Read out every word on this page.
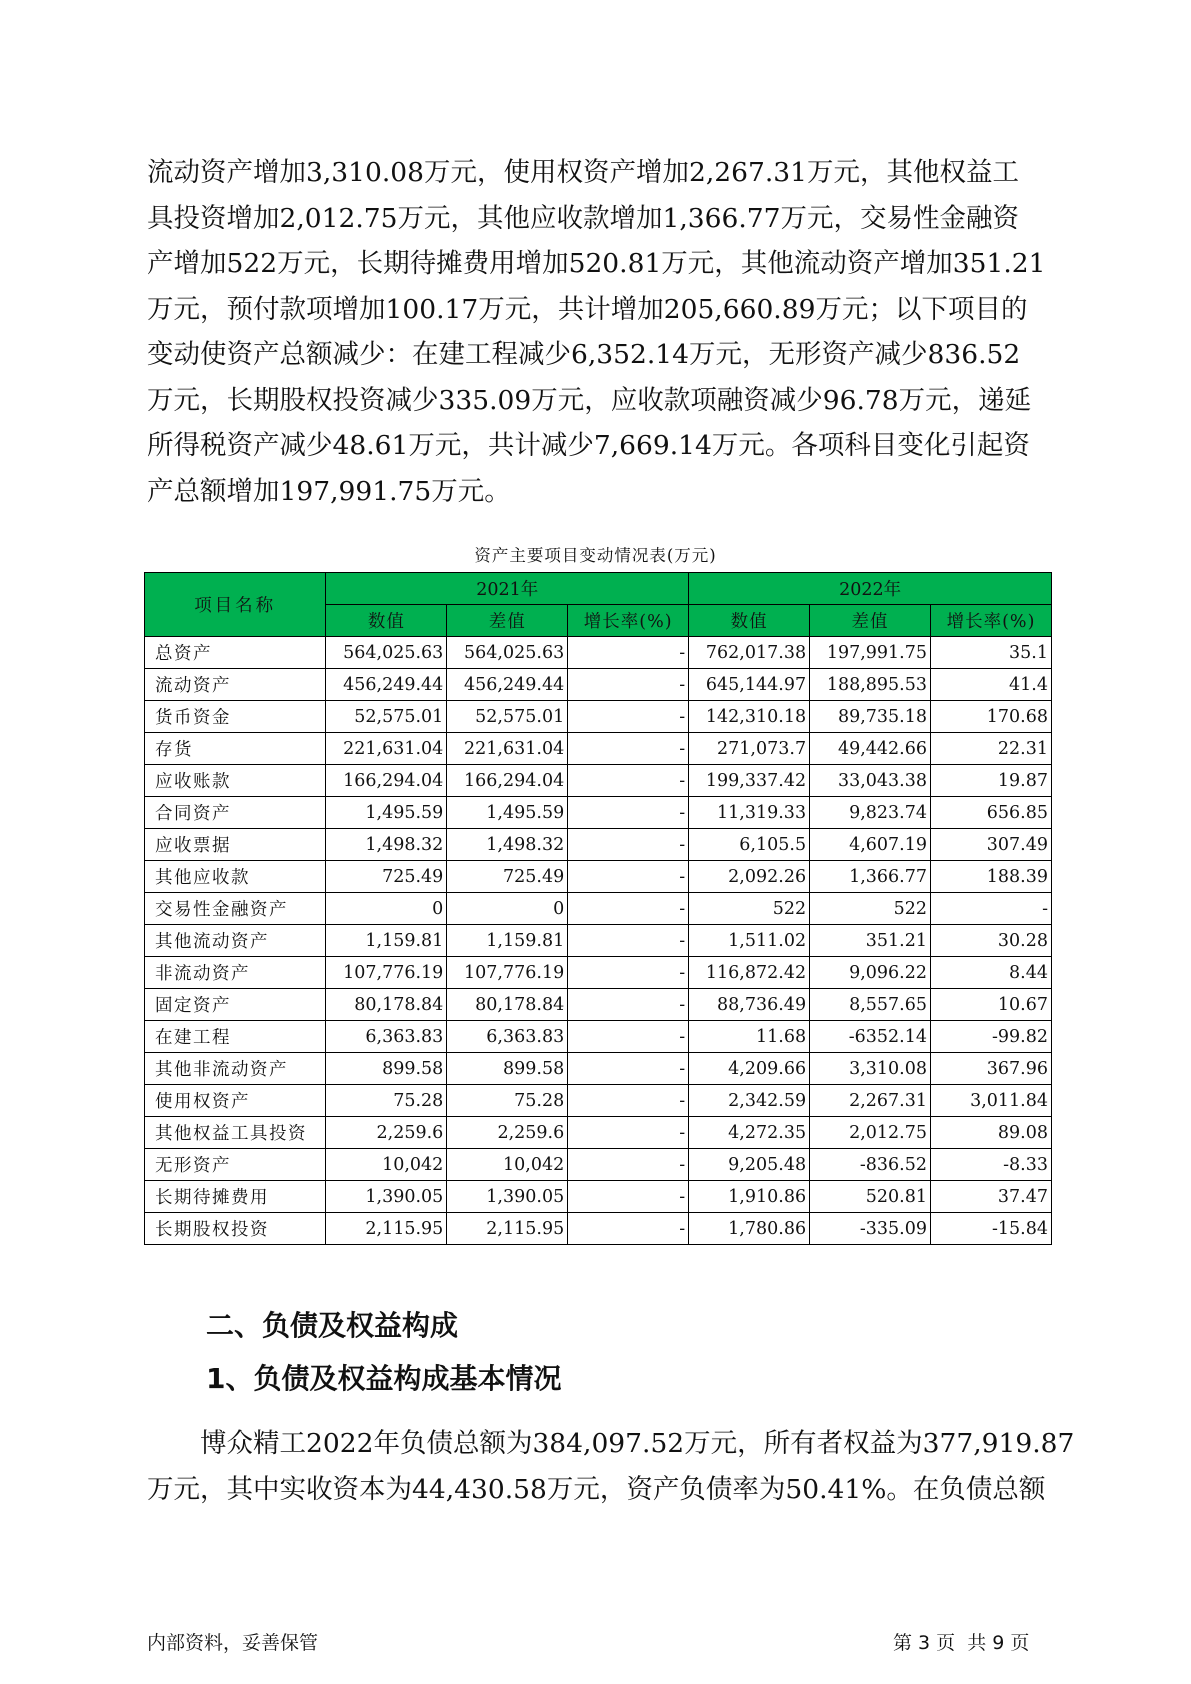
流动资产增加3,310.08万元，使用权资产增加2,267.31万元，其他权益工

具投资增加2,012.75万元，其他应收款增加1,366.77万元，交易性金融资

产增加522万元，长期待摊费用增加520.81万元，其他流动资产增加351.21

万元，预付款项增加100.17万元，共计增加205,660.89万元；以下项目的

变动使资产总额减少：在建工程减少6,352.14万元，无形资产减少836.52

万元，长期股权投资减少335.09万元，应收款项融资减少96.78万元，递延

所得税资产减少48.61万元，共计减少7,669.14万元。各项科目变化引起资

产总额增加197,991.75万元。

资产主要项目变动情况表(万元)
项目名称	2021年			2022年		
	数值	差值	增长率(%)	数值	差值	增长率(%)
总资产	564,025.63	564,025.63	-	762,017.38	197,991.75	35.1
流动资产	456,249.44	456,249.44	-	645,144.97	188,895.53	41.4
货币资金	52,575.01	52,575.01	-	142,310.18	89,735.18	170.68
存货	221,631.04	221,631.04	-	271,073.7	49,442.66	22.31
应收账款	166,294.04	166,294.04	-	199,337.42	33,043.38	19.87
合同资产	1,495.59	1,495.59	-	11,319.33	9,823.74	656.85
应收票据	1,498.32	1,498.32	-	6,105.5	4,607.19	307.49
其他应收款	725.49	725.49	-	2,092.26	1,366.77	188.39
交易性金融资产	0	0	-	522	522	-
其他流动资产	1,159.81	1,159.81	-	1,511.02	351.21	30.28
非流动资产	107,776.19	107,776.19	-	116,872.42	9,096.22	8.44
固定资产	80,178.84	80,178.84	-	88,736.49	8,557.65	10.67
在建工程	6,363.83	6,363.83	-	11.68	-6352.14	-99.82
其他非流动资产	899.58	899.58	-	4,209.66	3,310.08	367.96
使用权资产	75.28	75.28	-	2,342.59	2,267.31	3,011.84
其他权益工具投资	2,259.6	2,259.6	-	4,272.35	2,012.75	89.08
无形资产	10,042	10,042	-	9,205.48	-836.52	-8.33
长期待摊费用	1,390.05	1,390.05	-	1,910.86	520.81	37.47
长期股权投资	2,115.95	2,115.95	-	1,780.86	-335.09	-15.84
二、负债及权益构成
1、负债及权益构成基本情况

博众精工2022年负债总额为384,097.52万元，所有者权益为377,919.87

万元，其中实收资本为44,430.58万元，资产负债率为50.41%。在负债总额

内部资料，妥善保管	第 3 页  共 9 页
